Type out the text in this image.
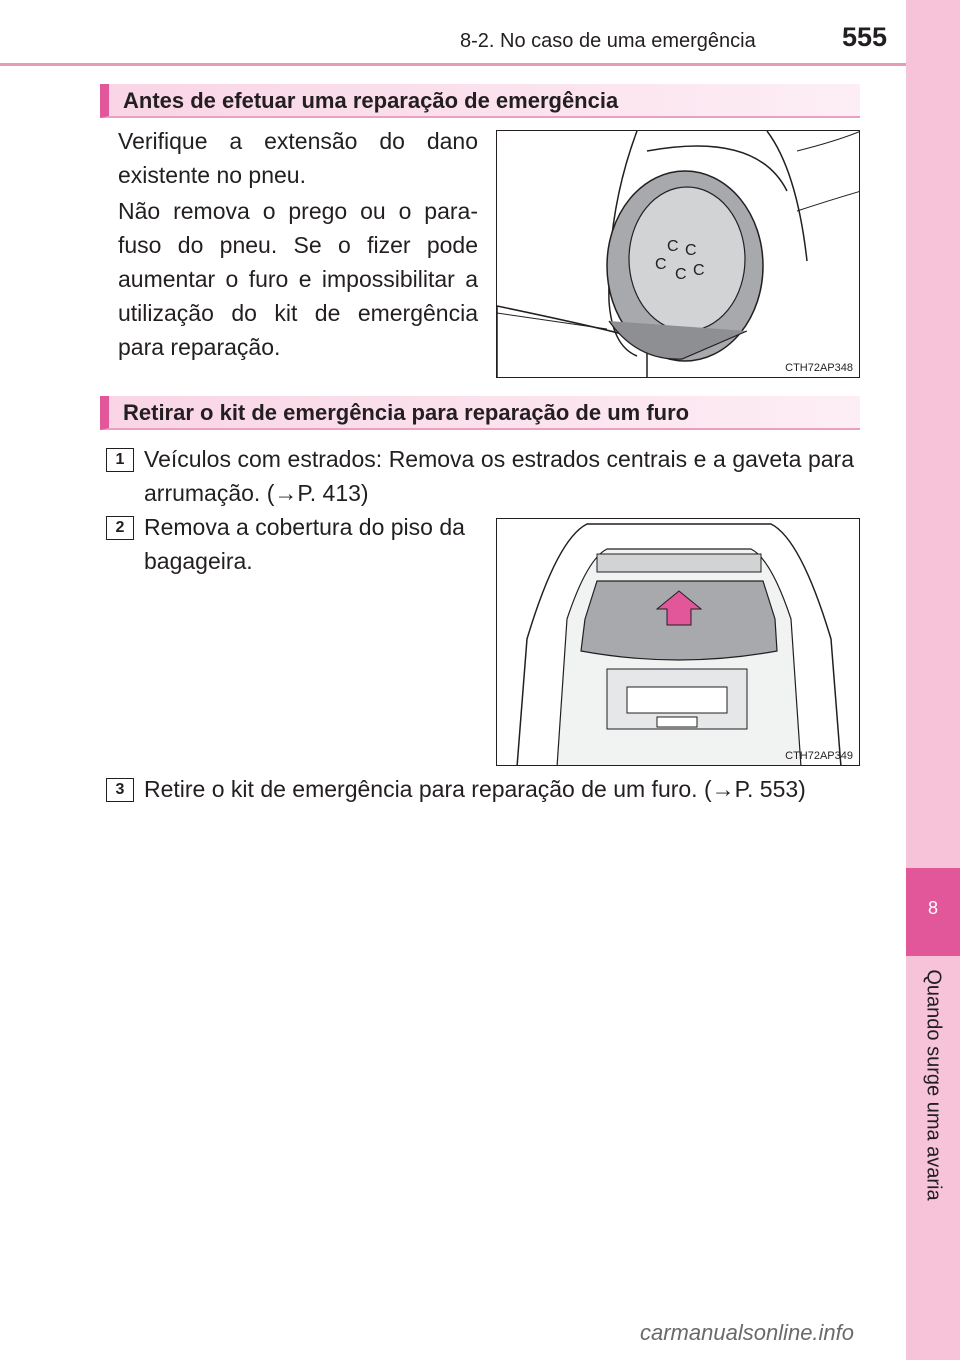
8-2. No caso de uma emergência	555
8
Quando surge uma avaria
Antes de efetuar uma reparação de emergência
Verifique a extensão do dano existente no pneu.
Não remova o prego ou o para-fuso do pneu. Se o fizer pode aumentar o furo e impossibilitar a utilização do kit de emergência para reparação.
C C
C
C C
CTH72AP348
Retirar o kit de emergência para reparação de um furo
1 Veículos com estrados: Remova os estrados centrais e a gaveta para arrumação. (→P. 413)
2 Remova a cobertura do piso da bagageira.
CTH72AP349
3 Retire o kit de emergência para reparação de um furo. (→P. 553)
carmanualsonline.info
